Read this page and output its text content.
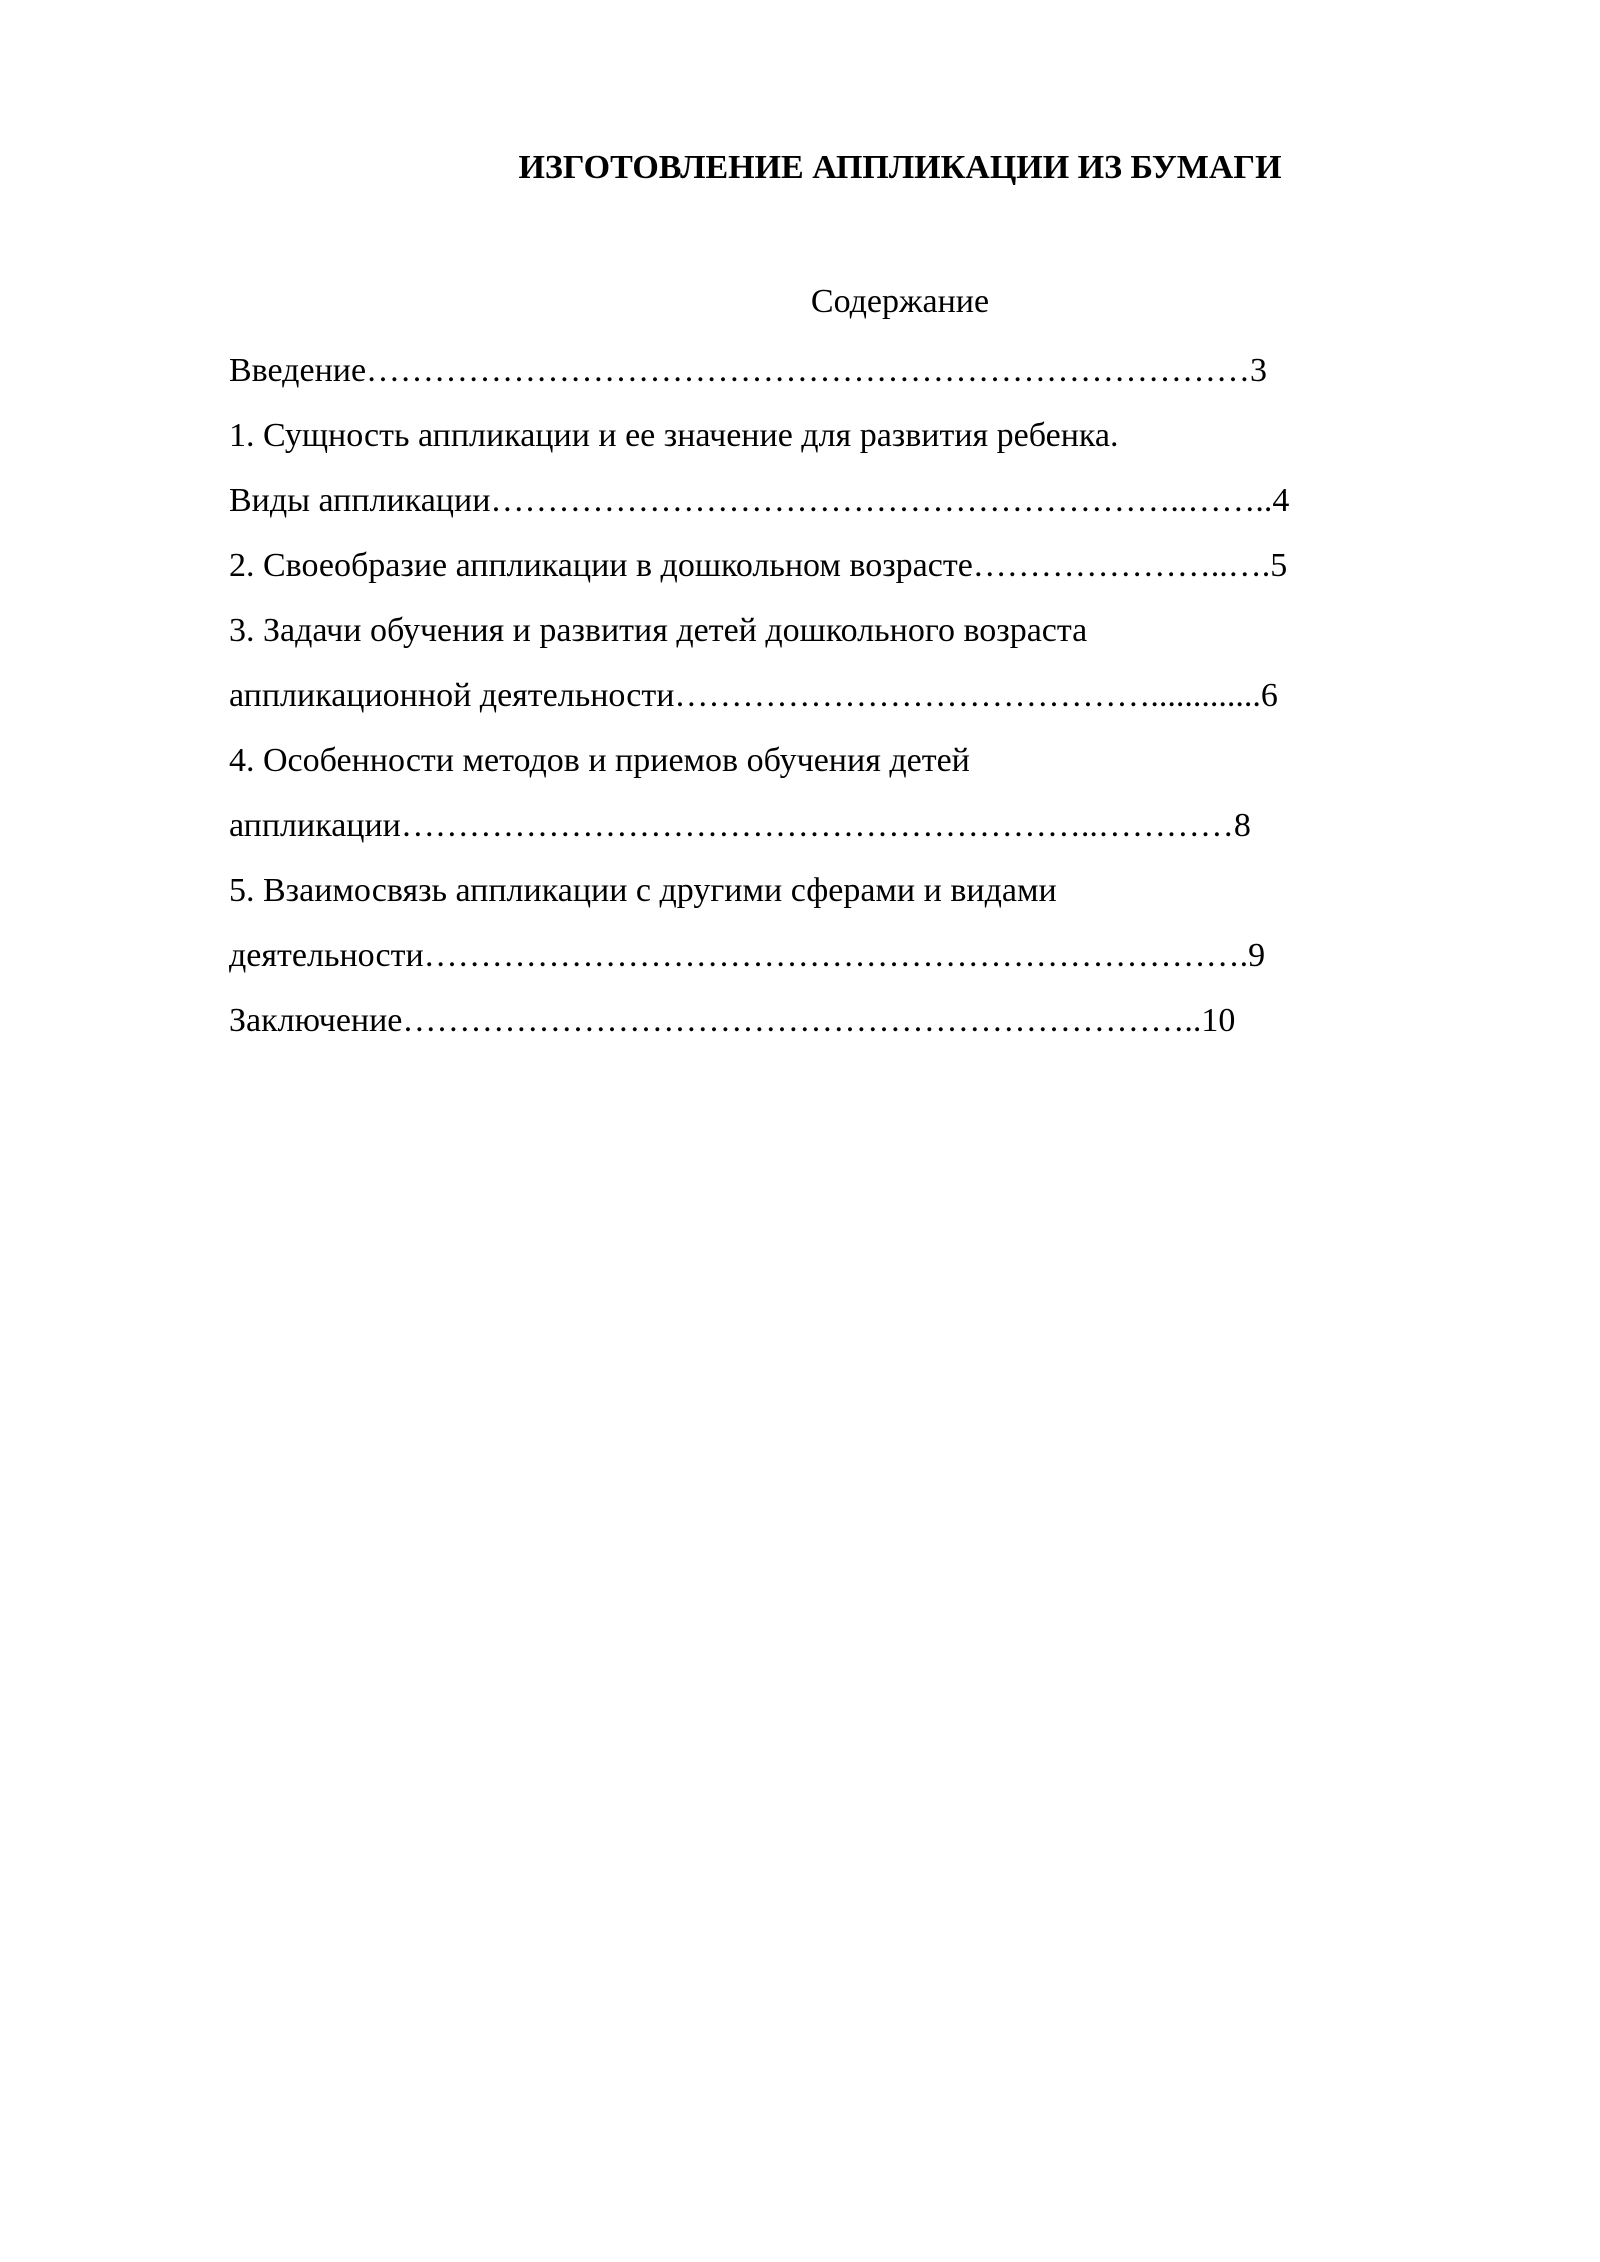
ИЗГОТОВЛЕНИЕ АППЛИКАЦИИ ИЗ БУМАГИ
Содержание
Введение……………………………………………………………………3
1. Сущность аппликации и ее значение для развития ребенка.
Виды аппликации……………………………………………………..……..4
2. Своеобразие аппликации в дошкольном возрасте…………………..….5
3. Задачи обучения и развития детей дошкольного возраста
аппликационной деятельности…………………………………….............6
4. Особенности методов и приемов обучения детей
аппликации……………………………………………………..…………8
5. Взаимосвязь аппликации с другими сферами и видами
деятельности……………………………………………………………….9
Заключение……………………………………………………………..10
